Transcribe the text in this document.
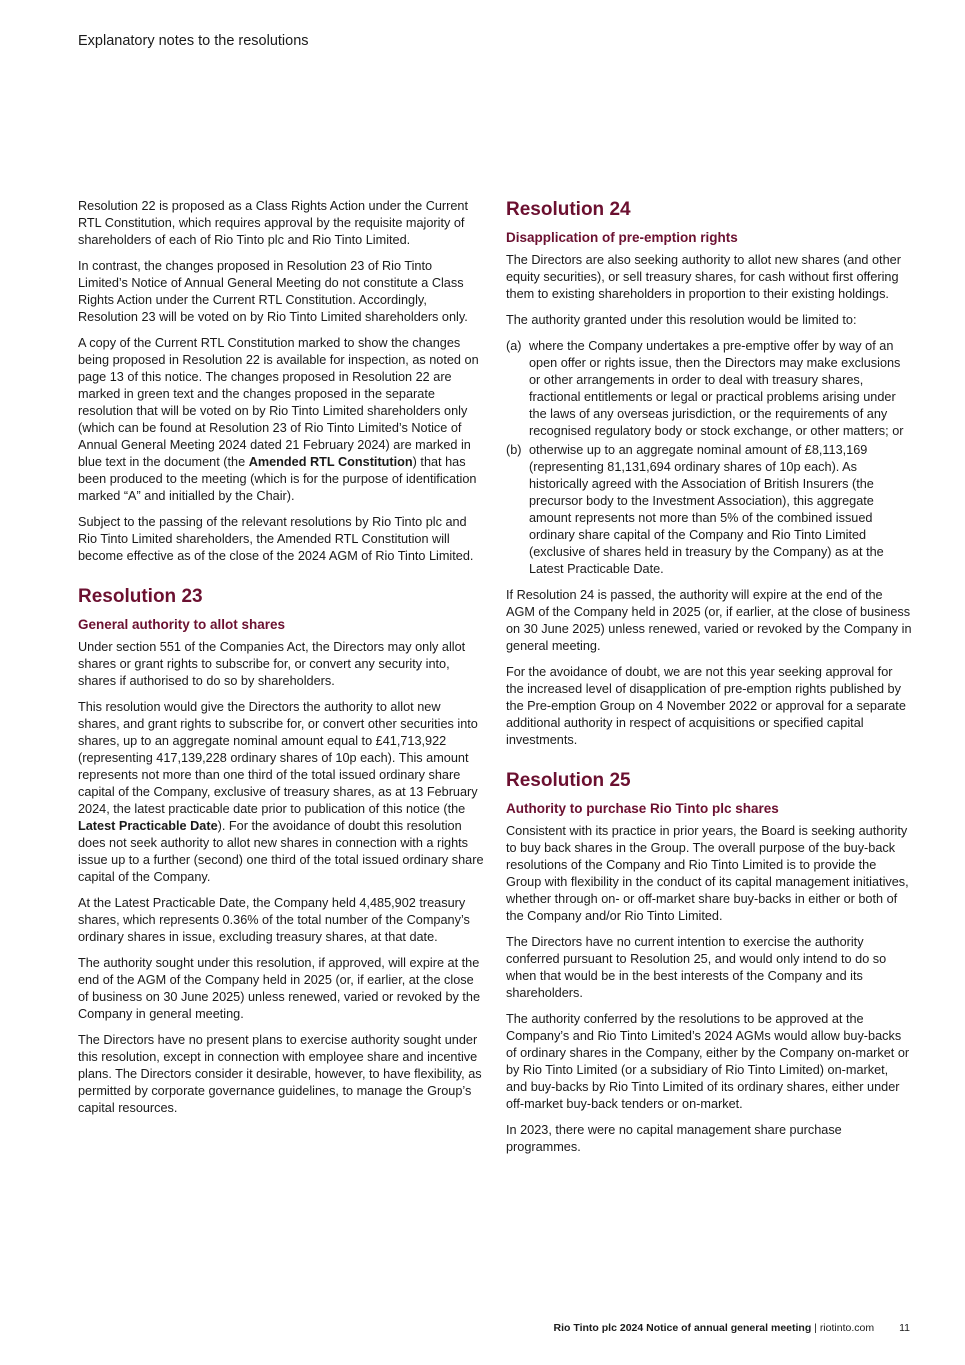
Explanatory notes to the resolutions

Resolution 22 is proposed as a Class Rights Action under the Current RTL Constitution, which requires approval by the requisite majority of shareholders of each of Rio Tinto plc and Rio Tinto Limited.

In contrast, the changes proposed in Resolution 23 of Rio Tinto Limited’s Notice of Annual General Meeting do not constitute a Class Rights Action under the Current RTL Constitution. Accordingly, Resolution 23 will be voted on by Rio Tinto Limited shareholders only.

A copy of the Current RTL Constitution marked to show the changes being proposed in Resolution 22 is available for inspection, as noted on page 13 of this notice. The changes proposed in Resolution 22 are marked in green text and the changes proposed in the separate resolution that will be voted on by Rio Tinto Limited shareholders only (which can be found at Resolution 23 of Rio Tinto Limited’s Notice of Annual General Meeting 2024 dated 21 February 2024) are marked in blue text in the document (the Amended RTL Constitution) that has been produced to the meeting (which is for the purpose of identification marked “A” and initialled by the Chair).

Subject to the passing of the relevant resolutions by Rio Tinto plc and Rio Tinto Limited shareholders, the Amended RTL Constitution will become effective as of the close of the 2024 AGM of Rio Tinto Limited.

Resolution 23
General authority to allot shares

Under section 551 of the Companies Act, the Directors may only allot shares or grant rights to subscribe for, or convert any security into, shares if authorised to do so by shareholders.

This resolution would give the Directors the authority to allot new shares, and grant rights to subscribe for, or convert other securities into shares, up to an aggregate nominal amount equal to £41,713,922 (representing 417,139,228 ordinary shares of 10p each). This amount represents not more than one third of the total issued ordinary share capital of the Company, exclusive of treasury shares, as at 13 February 2024, the latest practicable date prior to publication of this notice (the Latest Practicable Date). For the avoidance of doubt this resolution does not seek authority to allot new shares in connection with a rights issue up to a further (second) one third of the total issued ordinary share capital of the Company.

At the Latest Practicable Date, the Company held 4,485,902 treasury shares, which represents 0.36% of the total number of the Company’s ordinary shares in issue, excluding treasury shares, at that date.

The authority sought under this resolution, if approved, will expire at the end of the AGM of the Company held in 2025 (or, if earlier, at the close of business on 30 June 2025) unless renewed, varied or revoked by the Company in general meeting.

The Directors have no present plans to exercise authority sought under this resolution, except in connection with employee share and incentive plans. The Directors consider it desirable, however, to have flexibility, as permitted by corporate governance guidelines, to manage the Group’s capital resources.

Resolution 24
Disapplication of pre-emption rights

The Directors are also seeking authority to allot new shares (and other equity securities), or sell treasury shares, for cash without first offering them to existing shareholders in proportion to their existing holdings.

The authority granted under this resolution would be limited to:

(a) where the Company undertakes a pre-emptive offer by way of an open offer or rights issue, then the Directors may make exclusions or other arrangements in order to deal with treasury shares, fractional entitlements or legal or practical problems arising under the laws of any overseas jurisdiction, or the requirements of any recognised regulatory body or stock exchange, or other matters; or
(b) otherwise up to an aggregate nominal amount of £8,113,169 (representing 81,131,694 ordinary shares of 10p each). As historically agreed with the Association of British Insurers (the precursor body to the Investment Association), this aggregate amount represents not more than 5% of the combined issued ordinary share capital of the Company and Rio Tinto Limited (exclusive of shares held in treasury by the Company) as at the Latest Practicable Date.

If Resolution 24 is passed, the authority will expire at the end of the AGM of the Company held in 2025 (or, if earlier, at the close of business on 30 June 2025) unless renewed, varied or revoked by the Company in general meeting.

For the avoidance of doubt, we are not this year seeking approval for the increased level of disapplication of pre-emption rights published by the Pre-emption Group on 4 November 2022 or approval for a separate additional authority in respect of acquisitions or specified capital investments.

Resolution 25
Authority to purchase Rio Tinto plc shares

Consistent with its practice in prior years, the Board is seeking authority to buy back shares in the Group. The overall purpose of the buy-back resolutions of the Company and Rio Tinto Limited is to provide the Group with flexibility in the conduct of its capital management initiatives, whether through on- or off-market share buy-backs in either or both of the Company and/or Rio Tinto Limited.

The Directors have no current intention to exercise the authority conferred pursuant to Resolution 25, and would only intend to do so when that would be in the best interests of the Company and its shareholders.

The authority conferred by the resolutions to be approved at the Company’s and Rio Tinto Limited’s 2024 AGMs would allow buy-backs of ordinary shares in the Company, either by the Company on-market or by Rio Tinto Limited (or a subsidiary of Rio Tinto Limited) on-market, and buy-backs by Rio Tinto Limited of its ordinary shares, either under off-market buy-back tenders or on-market.

In 2023, there were no capital management share purchase programmes.

Rio Tinto plc 2024 Notice of annual general meeting | riotinto.com 11
